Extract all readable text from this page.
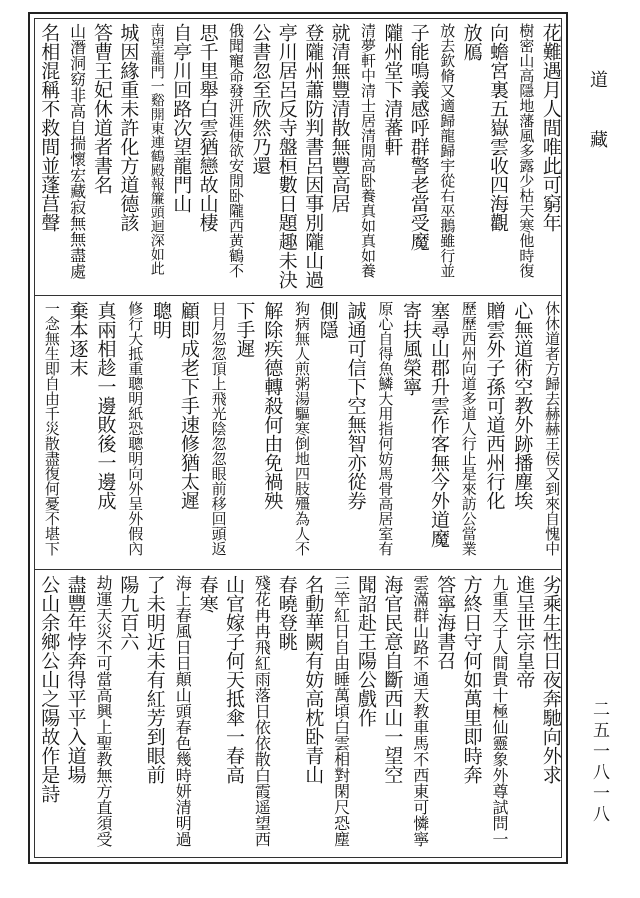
道
藏
二五一八一八
花難遇月人間唯此可窮年
樹密山高隱地藩風多露少枯天寒他時復
向蟾宮裏五嶽雲收四海觀
放鴈
放去欽脩又適歸龍歸宇從右巫鵝雖行並
子能鳴義感呼群警老當受魔
隴州堂下清蕃軒
清夢軒中清士居清閒高卧養真如真如養
就清無豐清散無豐高居
登隴州蕭防判書呂因事別隴山過
亭川居呂反寺盤桓數日題趣未決
公書忽至欣然乃還
俄聞寵命發汧涯便欲安閒卧隴西黄鶴不
思千里舉白雲猶戀故山棲
自亭川回路次望龍門山
南望龍門一谿開東連鶴殿報簾頭迴深如此
城因緣重未許化方道德該
答曹王妃休道者書名
山潛洞窈非高自揣懷宏藏寂無無盡處
名相混稱不救間並蓬莒聲
休休道者方歸去赫赫王侯又到來自愧中
心無道術空教外跡播塵埃
贈雲外子孫可道西州行化
歷歷西州向道多道人行止是來訪公當業
塞尋山郡升雲作客無今外道魔
寄扶風榮寧
原心自得魚鱗大用指何妨馬骨高居室有
誠通可信下空無智亦從券
側隱
狗病無人煎粥湯驅寒倒地四肢殭為人不
解除疾德轉殺何由免禍殃
下手遲
日月忽忽頂上飛光陰忽忽眼前移回頭返
顧即成老下手速修猶太遲
聰明
修行大抵重聰明紙恐聰明向外呈外假內
真兩相趁一邊敗後一邊成
棄本逐末
一念無生即自由千災散盡復何憂不堪下
劣乘生性日夜奔馳向外求
進呈世宗皇帝
九重天子人間貴十極仙靈象外尊試問一
方終日守何如萬里即時奔
答寧海書召
雲滿群山路不通天教車馬不西東可憐寧
海官民意自斷西山一望空
聞詔赴王陽公戲作
三竿紅日自由睡萬頃白雲相對閑尺恐塵
名動華闕有妨高枕卧青山
春曉登眺
殘花冉冉飛紅雨落日依依散白霞遥望西
山官嫁子何天抵傘一春高
春寒
海上春風日日顛山頭春色幾時妍清明過
了未明近未有紅芳到眼前
陽九百六
劫運天災不可當高興上聖教無方直須受
盡豐年悖奔得平平入道場
公山余鄉公山之陽故作是詩
